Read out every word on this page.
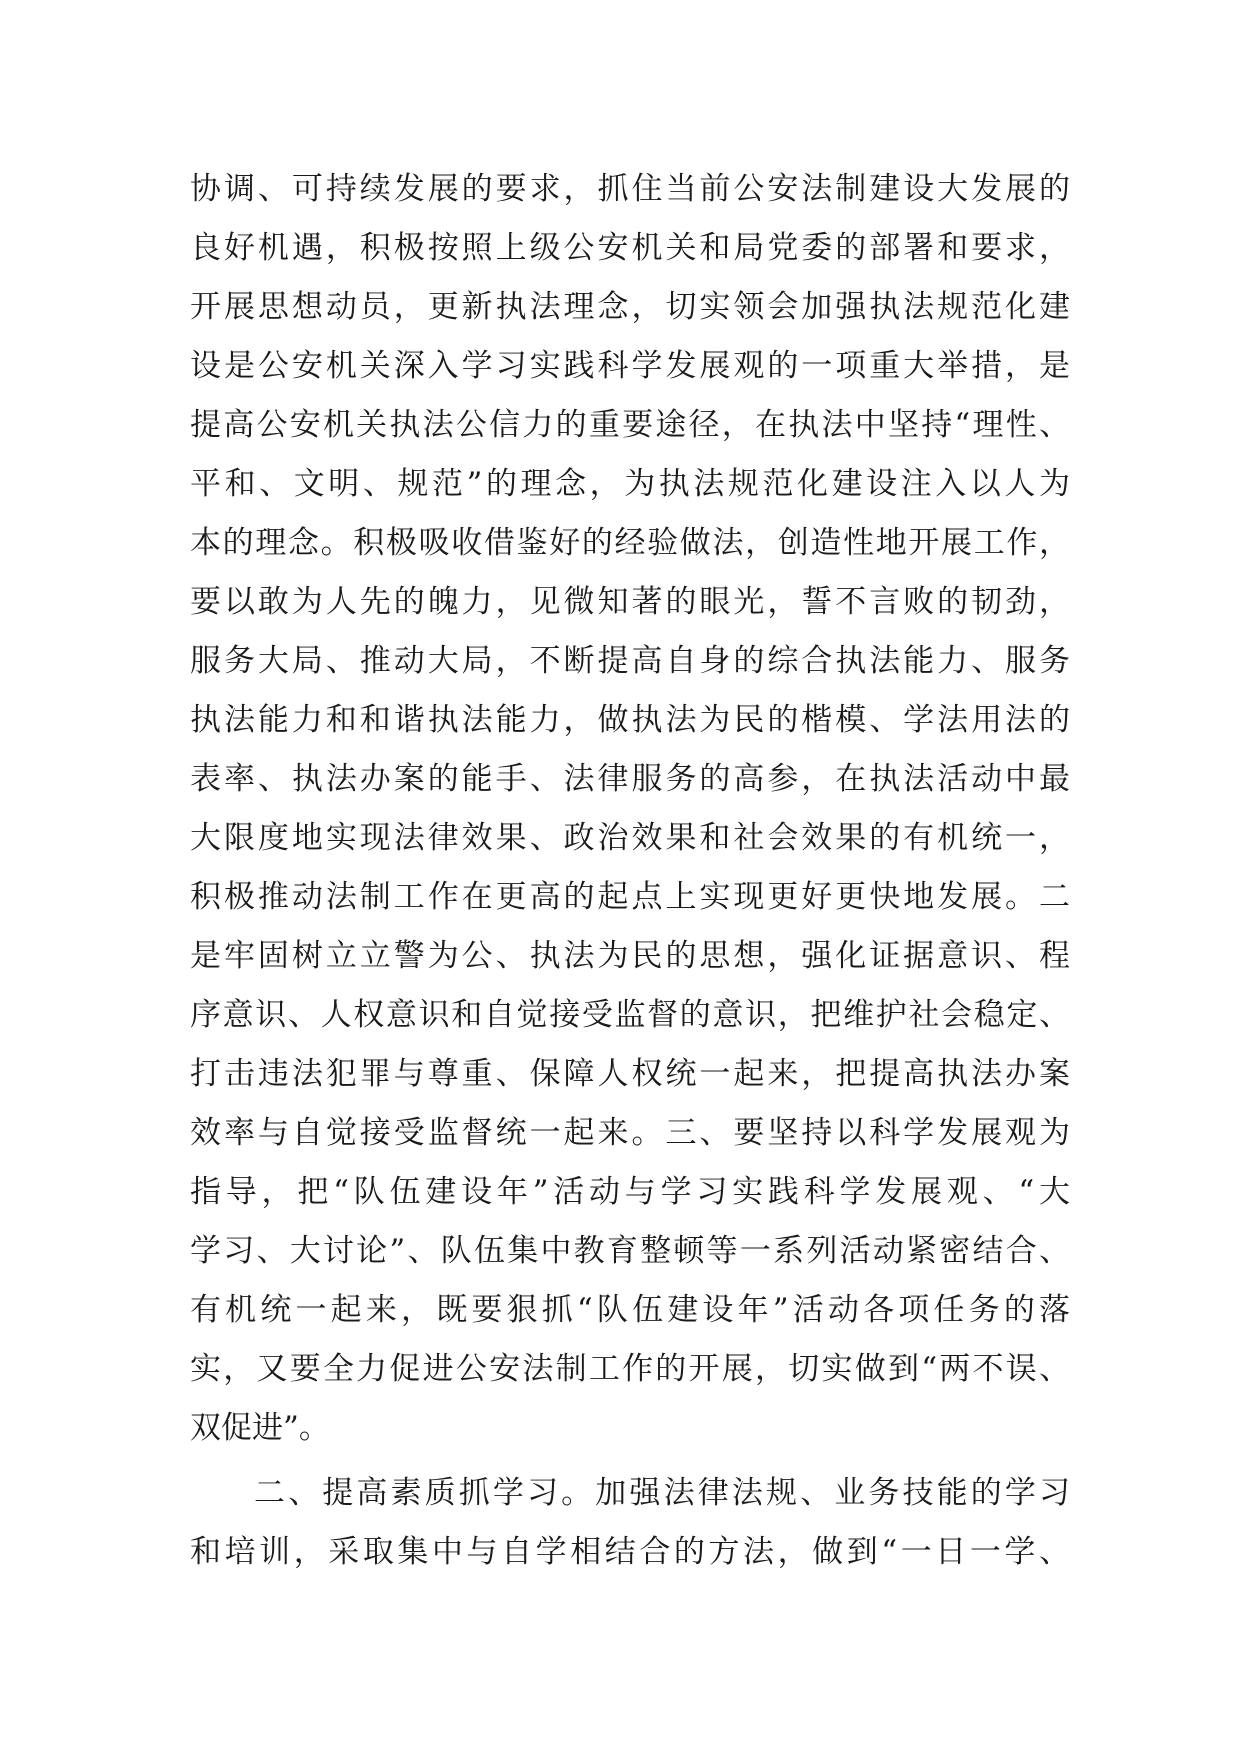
协调、可持续发展的要求，抓住当前公安法制建设大发展的
良好机遇，积极按照上级公安机关和局党委的部署和要求，
开展思想动员，更新执法理念，切实领会加强执法规范化建
设是公安机关深入学习实践科学发展观的一项重大举措，是
提高公安机关执法公信力的重要途径，在执法中坚持“理性、
平和、文明、规范”的理念，为执法规范化建设注入以人为
本的理念。积极吸收借鉴好的经验做法，创造性地开展工作，
要以敢为人先的魄力，见微知著的眼光，誓不言败的韧劲，
服务大局、推动大局，不断提高自身的综合执法能力、服务
执法能力和和谐执法能力，做执法为民的楷模、学法用法的
表率、执法办案的能手、法律服务的高参，在执法活动中最
大限度地实现法律效果、政治效果和社会效果的有机统一，
积极推动法制工作在更高的起点上实现更好更快地发展。二
是牢固树立立警为公、执法为民的思想，强化证据意识、程
序意识、人权意识和自觉接受监督的意识，把维护社会稳定、
打击违法犯罪与尊重、保障人权统一起来，把提高执法办案
效率与自觉接受监督统一起来。三、要坚持以科学发展观为
指导，把“队伍建设年”活动与学习实践科学发展观、“大
学习、大讨论”、队伍集中教育整顿等一系列活动紧密结合、
有机统一起来，既要狠抓“队伍建设年”活动各项任务的落
实，又要全力促进公安法制工作的开展，切实做到“两不误、
双促进”。
二、提高素质抓学习。加强法律法规、业务技能的学习
和培训，采取集中与自学相结合的方法，做到“一日一学、
